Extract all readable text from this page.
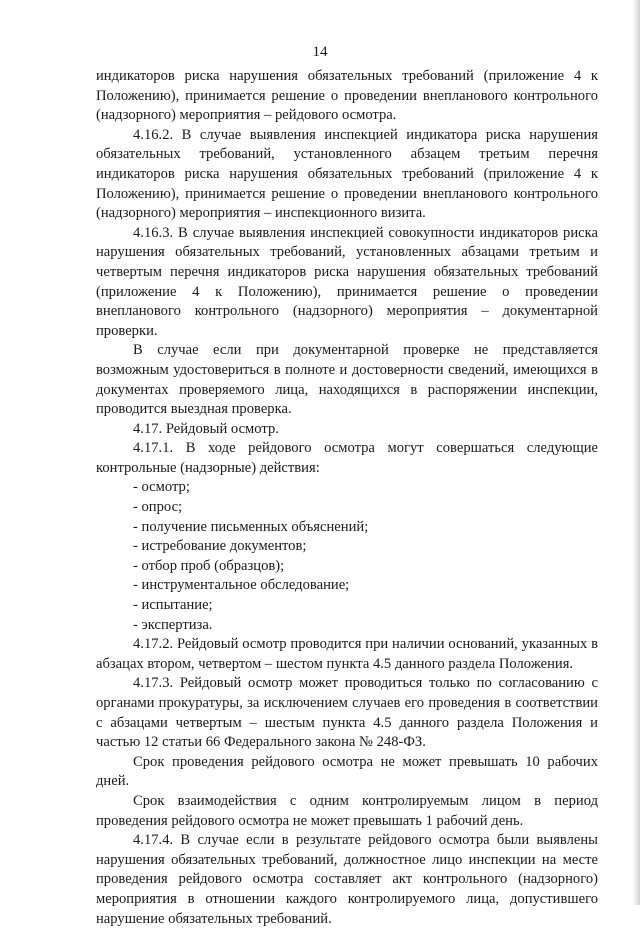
14

индикаторов риска нарушения обязательных требований (приложение 4 к Положению), принимается решение о проведении внепланового контрольного (надзорного) мероприятия – рейдового осмотра.

4.16.2. В случае выявления инспекцией индикатора риска нарушения обязательных требований, установленного абзацем третьим перечня индикаторов риска нарушения обязательных требований (приложение 4 к Положению), принимается решение о проведении внепланового контрольного (надзорного) мероприятия – инспекционного визита.

4.16.3. В случае выявления инспекцией совокупности индикаторов риска нарушения обязательных требований, установленных абзацами третьим и четвертым перечня индикаторов риска нарушения обязательных требований (приложение 4 к Положению), принимается решение о проведении внепланового контрольного (надзорного) мероприятия – документарной проверки.

В случае если при документарной проверке не представляется возможным удостовериться в полноте и достоверности сведений, имеющихся в документах проверяемого лица, находящихся в распоряжении инспекции, проводится выездная проверка.

4.17. Рейдовый осмотр.

4.17.1. В ходе рейдового осмотра могут совершаться следующие контрольные (надзорные) действия:

- осмотр;

- опрос;

- получение письменных объяснений;

- истребование документов;

- отбор проб (образцов);

- инструментальное обследование;

- испытание;

- экспертиза.

4.17.2. Рейдовый осмотр проводится при наличии оснований, указанных в абзацах втором, четвертом – шестом пункта 4.5 данного раздела Положения.

4.17.3. Рейдовый осмотр может проводиться только по согласованию с органами прокуратуры, за исключением случаев его проведения в соответствии с абзацами четвертым – шестым пункта 4.5 данного раздела Положения и частью 12 статьи 66 Федерального закона № 248-ФЗ.

Срок проведения рейдового осмотра не может превышать 10 рабочих дней.

Срок взаимодействия с одним контролируемым лицом в период проведения рейдового осмотра не может превышать 1 рабочий день.

4.17.4. В случае если в результате рейдового осмотра были выявлены нарушения обязательных требований, должностное лицо инспекции на месте проведения рейдового осмотра составляет акт контрольного (надзорного) мероприятия в отношении каждого контролируемого лица, допустившего нарушение обязательных требований.
